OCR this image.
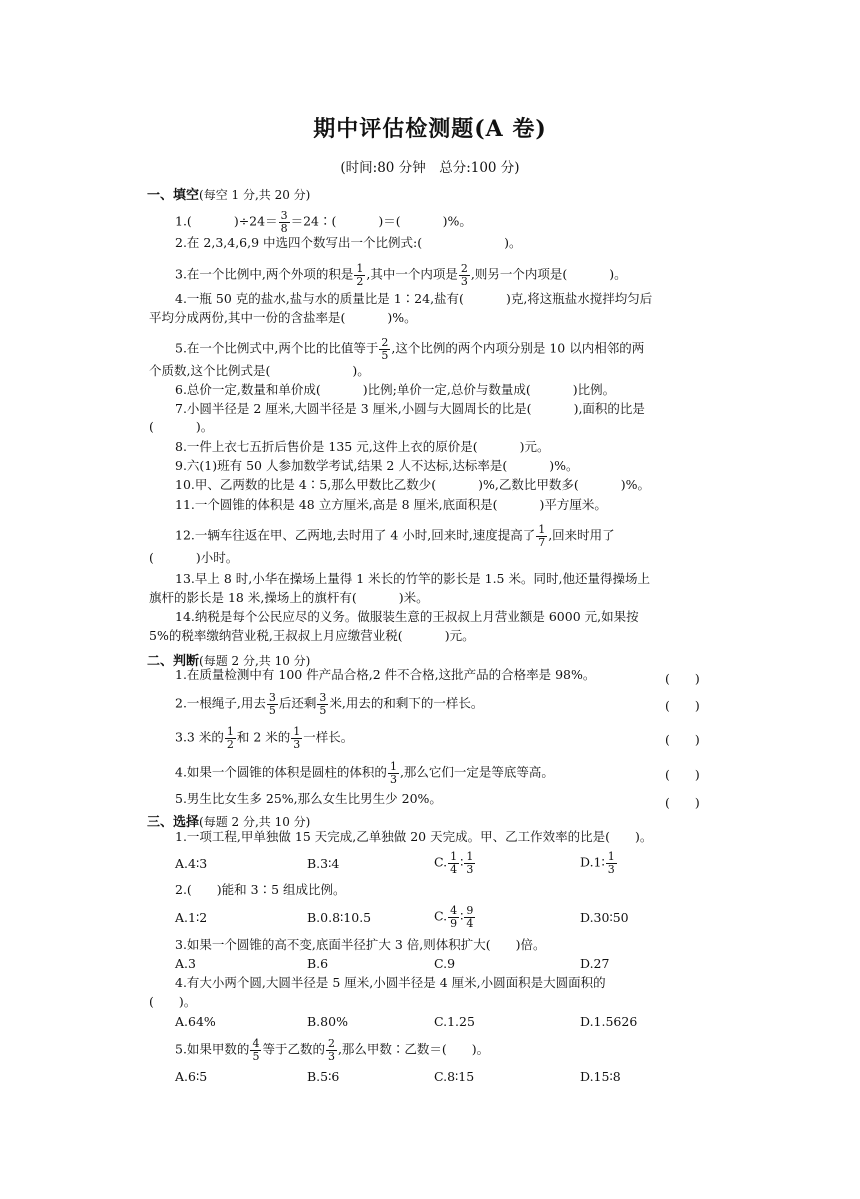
期中评估检测题(A 卷)
(时间:80 分钟　总分:100 分)
一、填空(每空 1 分,共 20 分)
1.(	)$\div 24= \frac{3}{8}$ ＝24∶(	)＝(	)%。
2.在 2,3,4,6,9 中选四个数写出一个比例式:(	)。
3.在一个比例中,两个外项的积是 $\frac{1}{2}$ ,其中一个内项是 $\frac{2}{3}$ ,则另一个内项是(	)。
4.一瓶 50 克的盐水,盐与水的质量比是 1∶24,盐有(	)克,将这瓶盐水搅拌均匀后
平均分成两份,其中一份的含盐率是(	)%。
5.在一个比例式中,两个比的比值等于 $\frac{2}{5}$ ,这个比例的两个内项分别是 10 以内相邻的两
个质数,这个比例式是(	)。
6.总价一定,数量和单价成(	)比例;单价一定,总价与数量成(	)比例。
7.小圆半径是 2 厘米,大圆半径是 3 厘米,小圆与大圆周长的比是(	),面积的比是
(	)。
8.一件上衣七五折后售价是 135 元,这件上衣的原价是(	)元。
9.六(1)班有 50 人参加数学考试,结果 2 人不达标,达标率是(	)%。
10.甲、乙两数的比是 4∶5,那么甲数比乙数少(	)%,乙数比甲数多(	)%。
11.一个圆锥的体积是 48 立方厘米,高是 8 厘米,底面积是(	)平方厘米。
12.一辆车往返在甲、乙两地,去时用了 4 小时,回来时,速度提高了 $\frac{1}{7}$ ,回来时用了
(	)小时。
13.早上 8 时,小华在操场上量得 1 米长的竹竿的影长是 1.5 米。同时,他还量得操场上
旗杆的影长是 18 米,操场上的旗杆有(	)米。
14.纳税是每个公民应尽的义务。做服装生意的王叔叔上月营业额是 6000 元,如果按
5%的税率缴纳营业税,王叔叔上月应缴营业税(	)元。
二、判断(每题 2 分,共 10 分)
1.在质量检测中有 100 件产品合格,2 件不合格,这批产品的合格率是 98%。	(　　)
2.一根绳子,用去 $\frac{3}{5}$ 后还剩 $\frac{3}{5}$ 米,用去的和剩下的一样长。	(　　)
3.3 米的 $\frac{1}{2}$ 和 2 米的 $\frac{1}{3}$ 一样长。	(　　)
4.如果一个圆锥的体积是圆柱的体积的 $\frac{1}{3}$ ,那么它们一定是等底等高。	(　　)
5.男生比女生多 25%,那么女生比男生少 20%。	(　　)
三、选择(每题 2 分,共 10 分)
1.一项工程,甲单独做 15 天完成,乙单独做 20 天完成。甲、乙工作效率的比是(　　)。
A.4∶3	B.3∶4	C. $\frac{1}{4}$ ∶ $\frac{1}{3}$	D.1∶ $\frac{1}{3}$
2.(　　)能和 3∶5 组成比例。
A.1∶2	B.0.8∶10.5	C. $\frac{4}{9}$ ∶ $\frac{9}{4}$	D.30∶50
3.如果一个圆锥的高不变,底面半径扩大 3 倍,则体积扩大(　　)倍。
A.3	B.6	C.9	D.27
4.有大小两个圆,大圆半径是 5 厘米,小圆半径是 4 厘米,小圆面积是大圆面积的
(　　)。
A.64%	B.80%	C.1.25	D.1.5626
5.如果甲数的 $\frac{4}{5}$ 等于乙数的 $\frac{2}{3}$ ,那么甲数∶乙数＝(　　)。
A.6∶5	B.5∶6	C.8∶15	D.15∶8
